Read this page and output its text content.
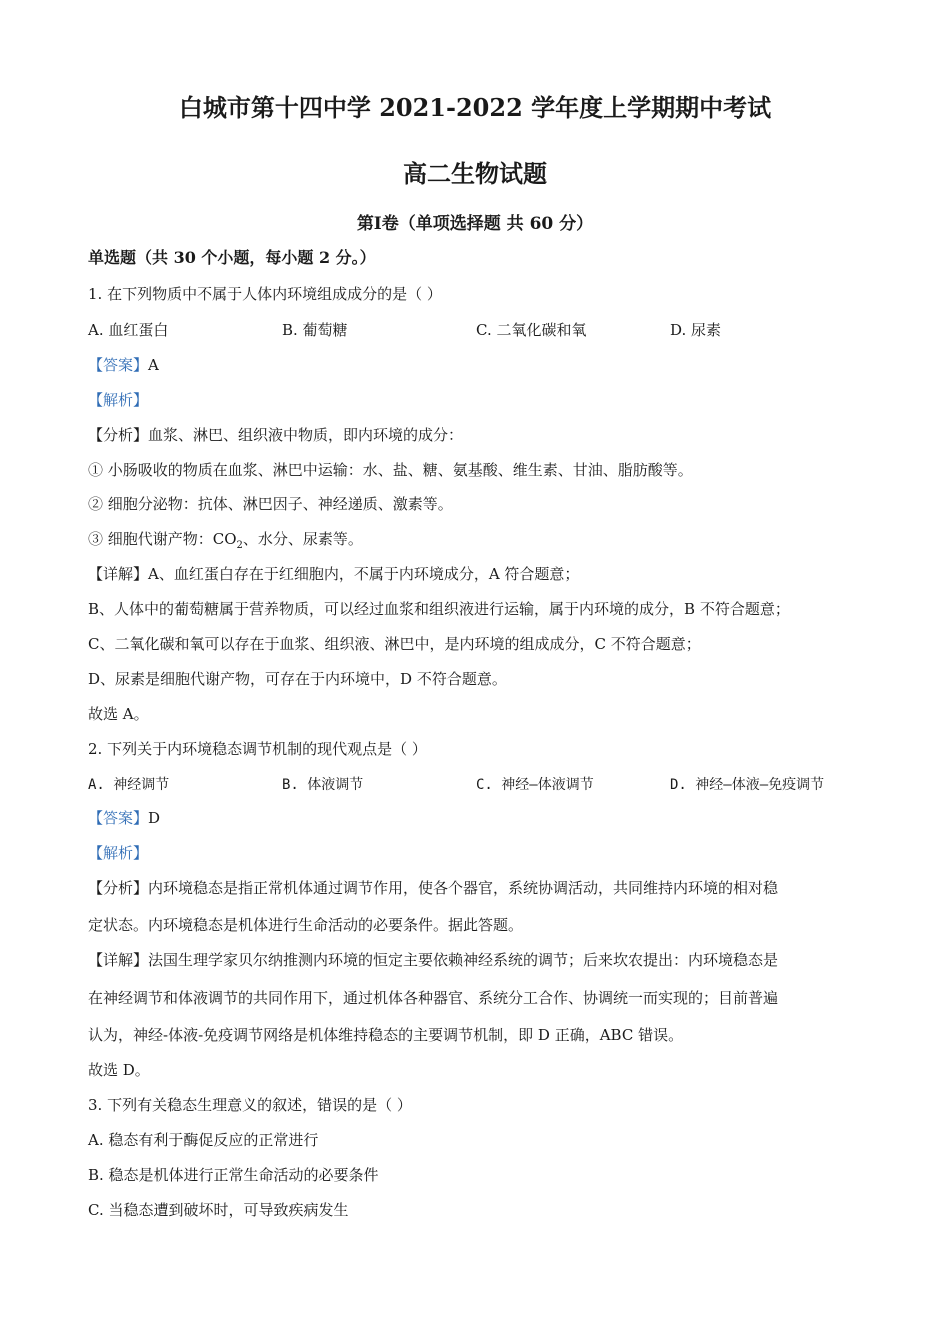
白城市第十四中学 2021-2022 学年度上学期期中考试
高二生物试题
第Ⅰ卷（单项选择题 共 60 分）
单选题（共 30 个小题，每小题 2 分。）
1. 在下列物质中不属于人体内环境组成成分的是（ ）
A. 血红蛋白	B. 葡萄糖	C. 二氧化碳和氧	D. 尿素
【答案】A
【解析】
【分析】血浆、淋巴、组织液中物质，即内环境的成分：
① 小肠吸收的物质在血浆、淋巴中运输：水、盐、糖、氨基酸、维生素、甘油、脂肪酸等。
② 细胞分泌物：抗体、淋巴因子、神经递质、激素等。
③ 细胞代谢产物：$CO_2$、水分、尿素等。
【详解】A、血红蛋白存在于红细胞内，不属于内环境成分，A 符合题意；
B、人体中的葡萄糖属于营养物质，可以经过血浆和组织液进行运输，属于内环境的成分，B 不符合题意；
C、二氧化碳和氧可以存在于血浆、组织液、淋巴中，是内环境的组成成分，C 不符合题意；
D、尿素是细胞代谢产物，可存在于内环境中，D 不符合题意。
故选 A。
2. 下列关于内环境稳态调节机制的现代观点是（ ）
A. 神经调节	B. 体液调节	C. 神经—体液调节	D. 神经—体液—免疫调节
【答案】D
【解析】
【分析】内环境稳态是指正常机体通过调节作用，使各个器官，系统协调活动，共同维持内环境的相对稳
定状态。内环境稳态是机体进行生命活动的必要条件。据此答题。
【详解】法国生理学家贝尔纳推测内环境的恒定主要依赖神经系统的调节；后来坎农提出：内环境稳态是
在神经调节和体液调节的共同作用下，通过机体各种器官、系统分工合作、协调统一而实现的；目前普遍
认为，神经-体液-免疫调节网络是机体维持稳态的主要调节机制，即 D 正确，ABC 错误。
故选 D。
3. 下列有关稳态生理意义的叙述，错误的是（ ）
A. 稳态有利于酶促反应的正常进行
B. 稳态是机体进行正常生命活动的必要条件
C. 当稳态遭到破坏时，可导致疾病发生
